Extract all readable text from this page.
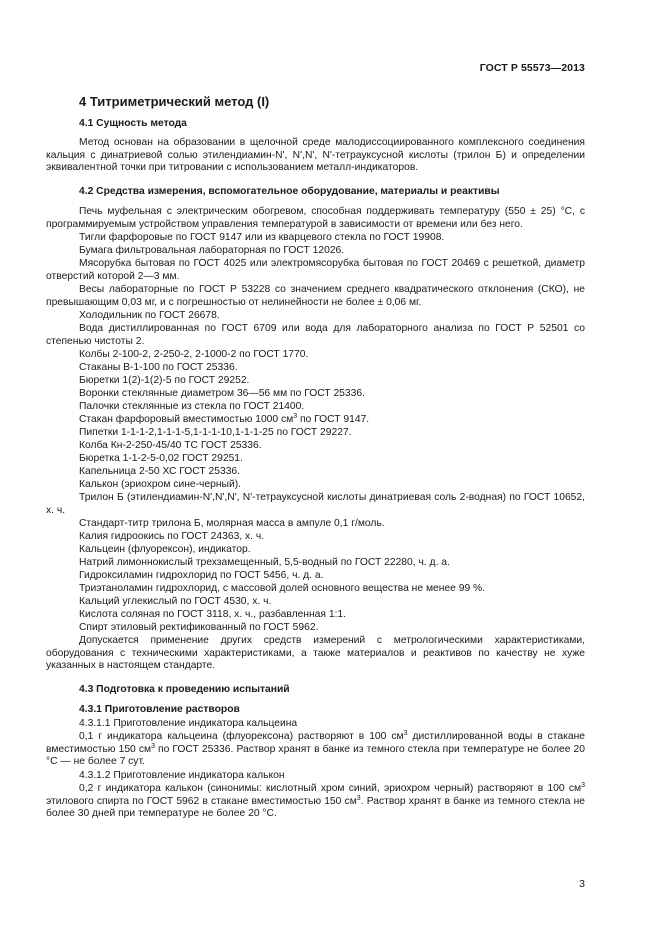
ГОСТ Р 55573—2013
4 Титриметрический метод (I)
4.1 Сущность метода
Метод основан на образовании в щелочной среде малодиссоциированного комплексного соединения кальция с динатриевой солью этилендиамин-N', N',N', N'-тетрауксусной кислоты (трилон Б) и определении эквивалентной точки при титровании с использованием металл-индикаторов.
4.2 Средства измерения, вспомогательное оборудование, материалы и реактивы
Печь муфельная с электрическим обогревом, способная поддерживать температуру (550 ± 25) °С, с программируемым устройством управления температурой в зависимости от времени или без него.
Тигли фарфоровые по ГОСТ 9147 или из кварцевого стекла по ГОСТ 19908.
Бумага фильтровальная лабораторная по ГОСТ 12026.
Мясорубка бытовая по ГОСТ 4025 или электромясорубка бытовая по ГОСТ 20469 с решеткой, диаметр отверстий которой 2—3 мм.
Весы лабораторные по ГОСТ Р 53228 со значением среднего квадратического отклонения (СКО), не превышающим 0,03 мг, и с погрешностью от нелинейности не более ± 0,06 мг.
Холодильник по ГОСТ 26678.
Вода дистиллированная по ГОСТ 6709 или вода для лабораторного анализа по ГОСТ Р 52501 со степенью чистоты 2.
Колбы 2-100-2, 2-250-2, 2-1000-2 по ГОСТ 1770.
Стаканы В-1-100 по ГОСТ 25336.
Бюретки 1(2)-1(2)-5 по ГОСТ 29252.
Воронки стеклянные диаметром 36—56 мм по ГОСТ 25336.
Палочки стеклянные из стекла по ГОСТ 21400.
Стакан фарфоровый вместимостью 1000 $см^3$ по ГОСТ 9147.
Пипетки 1-1-1-2,1-1-1-5,1-1-1-10,1-1-1-25 по ГОСТ 29227.
Колба Кн-2-250-45/40 ТС ГОСТ 25336.
Бюретка 1-1-2-5-0,02 ГОСТ 29251.
Капельница 2-50 ХС ГОСТ 25336.
Калькон (эриохром сине-черный).
Трилон Б (этилендиамин-N',N',N', N'-тетрауксусной кислоты динатриевая соль 2-водная) по ГОСТ 10652, х. ч.
Стандарт-титр трилона Б, молярная масса в ампуле 0,1 г/моль.
Калия гидроокись по ГОСТ 24363, х. ч.
Кальцеин (флуорексон), индикатор.
Натрий лимоннокислый трехзамещенный, 5,5-водный по ГОСТ 22280, ч. д. а.
Гидроксиламин гидрохлорид по ГОСТ 5456, ч. д. а.
Триэтаноламин гидрохлорид, с массовой долей основного вещества не менее 99 %.
Кальций углекислый по ГОСТ 4530, х. ч.
Кислота соляная по ГОСТ 3118, х. ч., разбавленная 1:1.
Спирт этиловый ректификованный по ГОСТ 5962.
Допускается применение других средств измерений с метрологическими характеристиками, оборудования с техническими характеристиками, а также материалов и реактивов по качеству не хуже указанных в настоящем стандарте.
4.3 Подготовка к проведению испытаний
4.3.1 Приготовление растворов
4.3.1.1 Приготовление индикатора кальцеина
0,1 г индикатора кальцеина (флуорексона) растворяют в 100 $см^3$ дистиллированной воды в стакане вместимостью 150 $см^3$ по ГОСТ 25336. Раствор хранят в банке из темного стекла при температуре не более 20 °С — не более 7 сут.
4.3.1.2 Приготовление индикатора калькон
0,2 г индикатора калькон (синонимы: кислотный хром синий, эриохром черный) растворяют в 100 $см^3$ этилового спирта по ГОСТ 5962 в стакане вместимостью 150 $см^3$. Раствор хранят в банке из темного стекла не более 30 дней при температуре не более 20 °С.
3
